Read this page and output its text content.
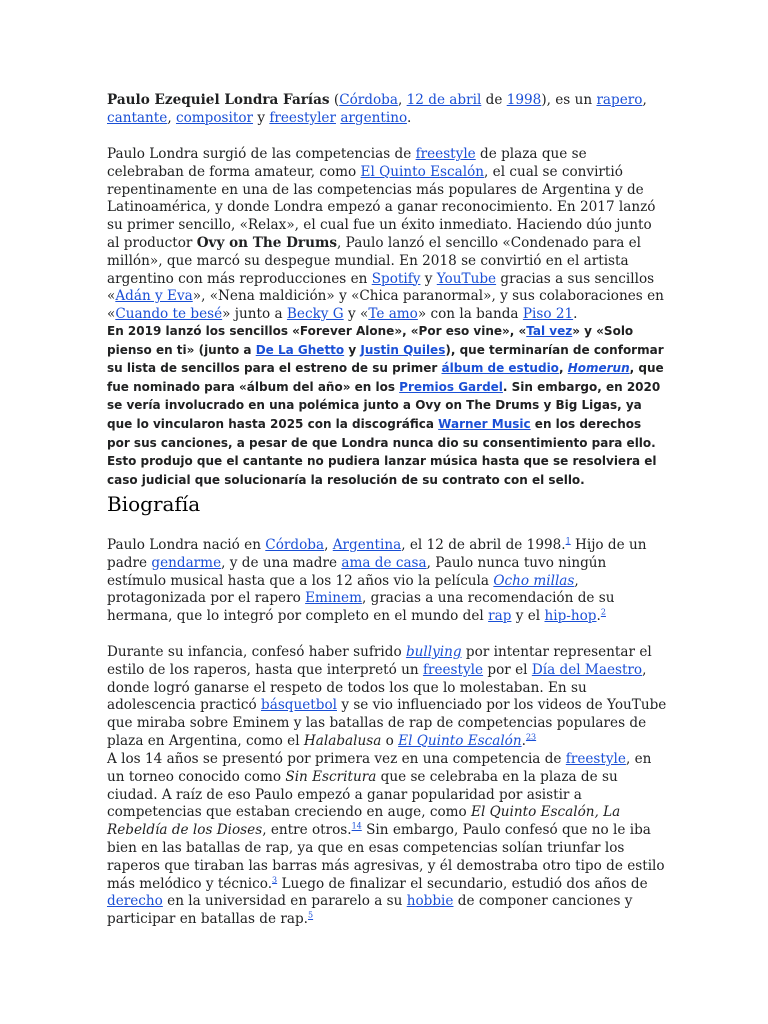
Paulo Ezequiel Londra Farías (Córdoba, 12 de abril de 1998), es un rapero, cantante, compositor y freestyler argentino.

Paulo Londra surgió de las competencias de freestyle de plaza que se celebraban de forma amateur, como El Quinto Escalón, el cual se convirtió repentinamente en una de las competencias más populares de Argentina y de Latinoamérica, y donde Londra empezó a ganar reconocimiento. En 2017 lanzó su primer sencillo, «Relax», el cual fue un éxito inmediato. Haciendo dúo junto al productor Ovy on The Drums, Paulo lanzó el sencillo «Condenado para el millón», que marcó su despegue mundial. En 2018 se convirtió en el artista argentino con más reproducciones en Spotify y YouTube gracias a sus sencillos «Adán y Eva», «Nena maldición» y «Chica paranormal», y sus colaboraciones en «Cuando te besé» junto a Becky G y «Te amo» con la banda Piso 21.

En 2019 lanzó los sencillos «Forever Alone», «Por eso vine», «Tal vez» y «Solo pienso en ti» (junto a De La Ghetto y Justin Quiles), que terminarían de conformar su lista de sencillos para el estreno de su primer álbum de estudio, Homerun, que fue nominado para «álbum del año» en los Premios Gardel. Sin embargo, en 2020 se vería involucrado en una polémica junto a Ovy on The Drums y Big Ligas, ya que lo vincularon hasta 2025 con la discográfica Warner Music en los derechos por sus canciones, a pesar de que Londra nunca dio su consentimiento para ello. Esto produjo que el cantante no pudiera lanzar música hasta que se resolviera el caso judicial que solucionaría la resolución de su contrato con el sello.

Biografía

Paulo Londra nació en Córdoba, Argentina, el 12 de abril de 1998.$^1$ Hijo de un padre gendarme, y de una madre ama de casa, Paulo nunca tuvo ningún estímulo musical hasta que a los 12 años vio la película Ocho millas, protagonizada por el rapero Eminem, gracias a una recomendación de su hermana, que lo integró por completo en el mundo del rap y el hip-hop.$^2$

Durante su infancia, confesó haber sufrido bullying por intentar representar el estilo de los raperos, hasta que interpretó un freestyle por el Día del Maestro, donde logró ganarse el respeto de todos los que lo molestaban. En su adolescencia practicó básquetbol y se vio influenciado por los videos de YouTube que miraba sobre Eminem y las batallas de rap de competencias populares de plaza en Argentina, como el Halabalusa o El Quinto Escalón.$^{23}$

A los 14 años se presentó por primera vez en una competencia de freestyle, en un torneo conocido como Sin Escritura que se celebraba en la plaza de su ciudad. A raíz de eso Paulo empezó a ganar popularidad por asistir a competencias que estaban creciendo en auge, como El Quinto Escalón, La Rebeldía de los Dioses, entre otros.$^{14}$ Sin embargo, Paulo confesó que no le iba bien en las batallas de rap, ya que en esas competencias solían triunfar los raperos que tiraban las barras más agresivas, y él demostraba otro tipo de estilo más melódico y técnico.$^3$ Luego de finalizar el secundario, estudió dos años de derecho en la universidad en pararelo a su hobbie de componer canciones y participar en batallas de rap.$^5$
